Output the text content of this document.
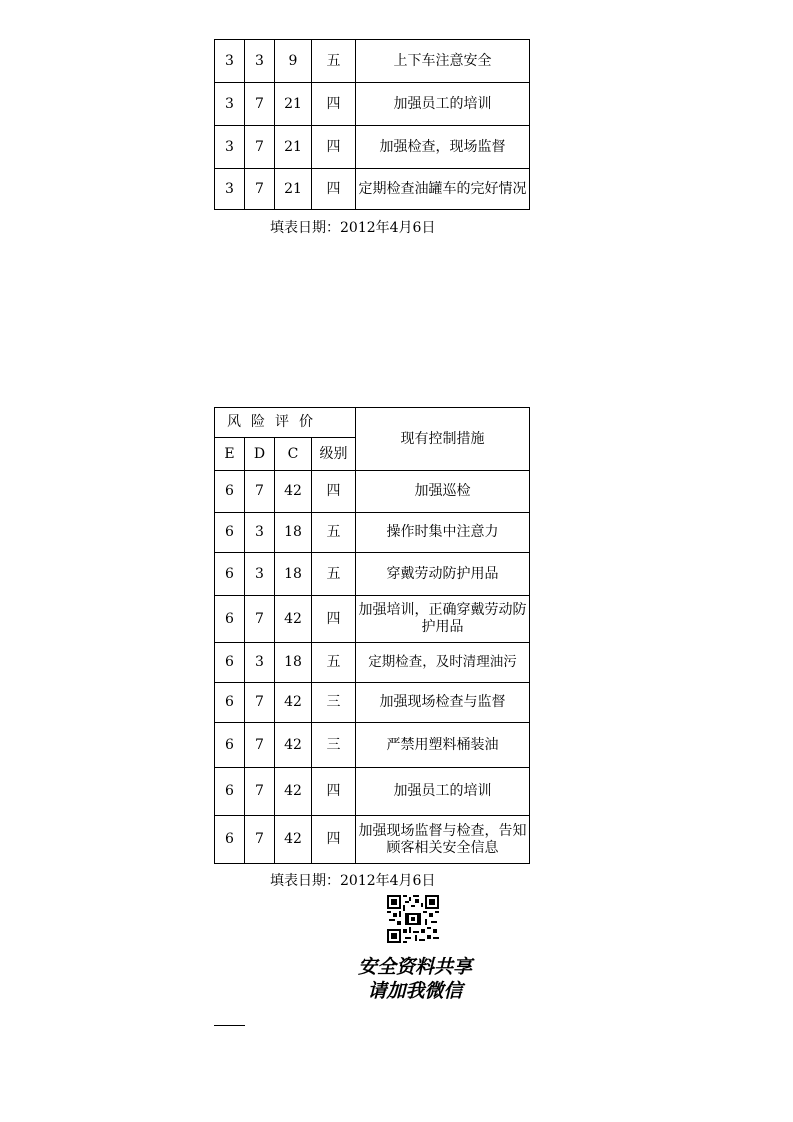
3	3	9	五	上下车注意安全
3	7	21	四	加强员工的培训
3	7	21	四	加强检查，现场监督
3	7	21	四	定期检查油罐车的完好情况
填表日期：2012年4月6日
风险评价				现有控制措施
E	D	C	级别	
6	7	42	四	加强巡检
6	3	18	五	操作时集中注意力
6	3	18	五	穿戴劳动防护用品
6	7	42	四	加强培训，正确穿戴劳动防护用品
6	3	18	五	定期检查，及时清理油污
6	7	42	三	加强现场检查与监督
6	7	42	三	严禁用塑料桶装油
6	7	42	四	加强员工的培训
6	7	42	四	加强现场监督与检查，告知顾客相关安全信息
填表日期：2012年4月6日
安全资料共享
请加我微信
